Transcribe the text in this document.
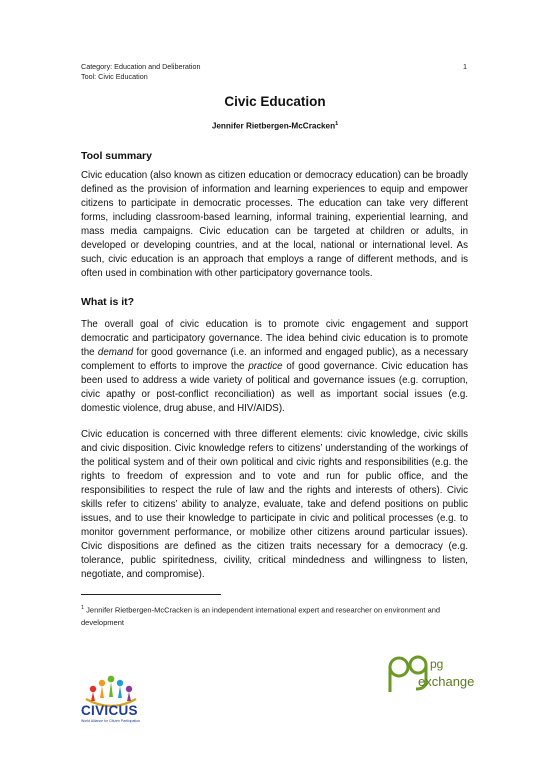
Category: Education and Deliberation
Tool: Civic Education
1
Civic Education
Jennifer Rietbergen-McCracken$^1$
Tool summary

Civic education (also known as citizen education or democracy education) can be broadly defined as the provision of information and learning experiences to equip and empower citizens to participate in democratic processes. The education can take very different forms, including classroom-based learning, informal training, experiential learning, and mass media campaigns. Civic education can be targeted at children or adults, in developed or developing countries, and at the local, national or international level. As such, civic education is an approach that employs a range of different methods, and is often used in combination with other participatory governance tools.

What is it?

The overall goal of civic education is to promote civic engagement and support democratic and participatory governance. The idea behind civic education is to promote the demand for good governance (i.e. an informed and engaged public), as a necessary complement to efforts to improve the practice of good governance. Civic education has been used to address a wide variety of political and governance issues (e.g. corruption, civic apathy or post-conflict reconciliation) as well as important social issues (e.g. domestic violence, drug abuse, and HIV/AIDS).

Civic education is concerned with three different elements: civic knowledge, civic skills and civic disposition. Civic knowledge refers to citizens’ understanding of the workings of the political system and of their own political and civic rights and responsibilities (e.g. the rights to freedom of expression and to vote and run for public office, and the responsibilities to respect the rule of law and the rights and interests of others). Civic skills refer to citizens’ ability to analyze, evaluate, take and defend positions on public issues, and to use their knowledge to participate in civic and political processes (e.g. to monitor government performance, or mobilize other citizens around particular issues). Civic dispositions are defined as the citizen traits necessary for a democracy (e.g. tolerance, public spiritedness, civility, critical mindedness and willingness to listen, negotiate, and compromise).

$^1$ Jennifer Rietbergen-McCracken is an independent international expert and researcher on environment and development
CIVICUS
World Alliance for Citizen Participation
pg
exchange
